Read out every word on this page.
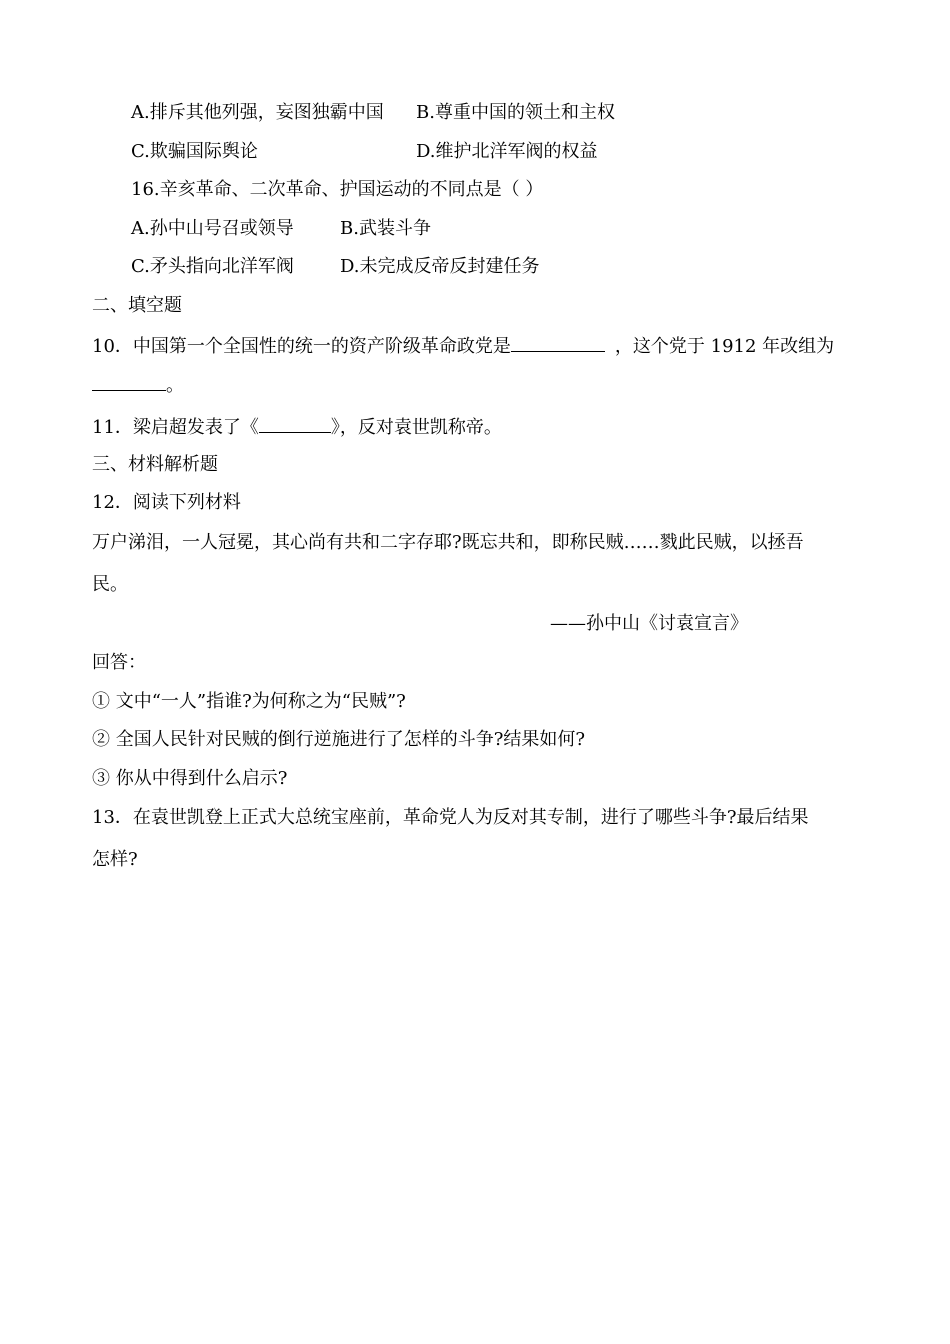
A.排斥其他列强，妄图独霸中国 B.尊重中国的领土和主权
C.欺骗国际舆论	D.维护北洋军阀的权益
16.辛亥革命、二次革命、护国运动的不同点是（ ）
A.孙中山号召或领导	B.武装斗争
C.矛头指向北洋军阀	D.未完成反帝反封建任务
二、填空题
10．中国第一个全国性的统一的资产阶级革命政党是	，这个党于 1912 年改组为
。
11．梁启超发表了《	》，反对袁世凯称帝。
三、材料解析题
12．阅读下列材料
万户涕泪，一人冠冕，其心尚有共和二字存耶?既忘共和，即称民贼……戮此民贼，以拯吾
民。
——孙中山《讨袁宣言》
回答：
① 文中“一人”指谁?为何称之为“民贼”?
② 全国人民针对民贼的倒行逆施进行了怎样的斗争?结果如何?
③ 你从中得到什么启示?
13．在袁世凯登上正式大总统宝座前，革命党人为反对其专制，进行了哪些斗争?最后结果
怎样?
